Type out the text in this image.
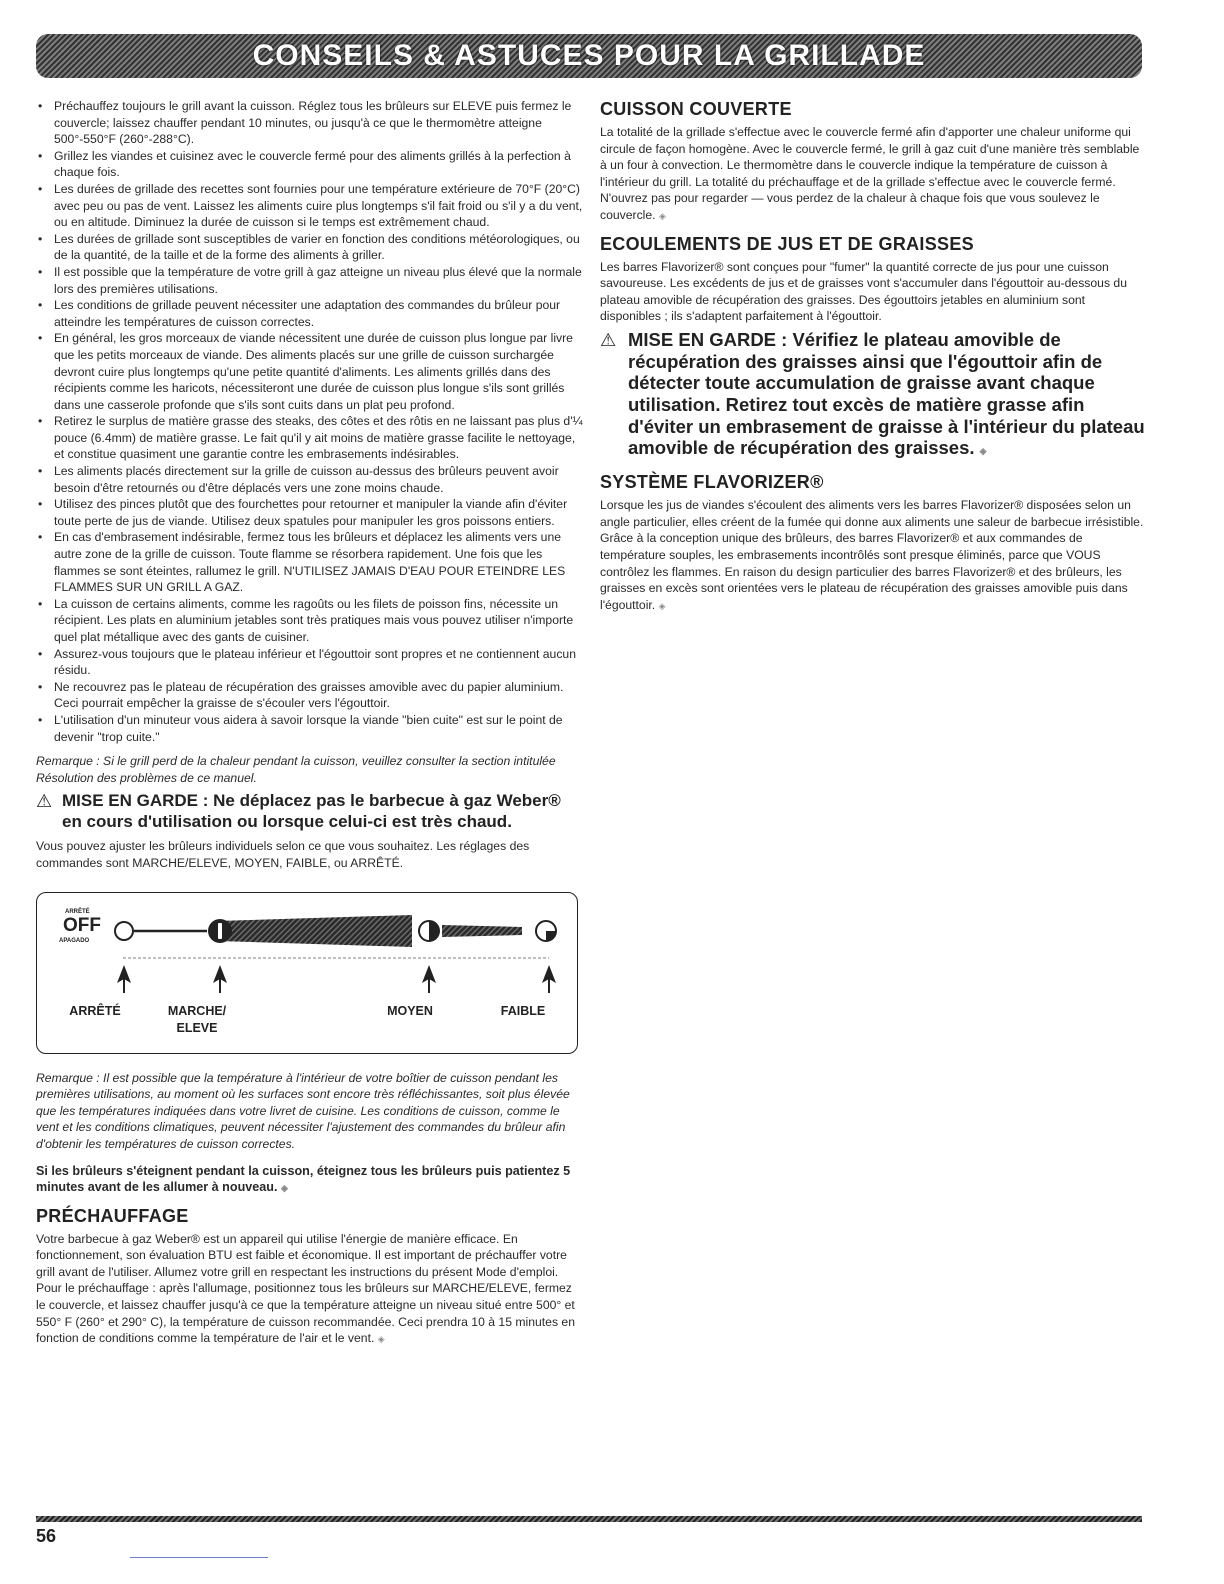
CONSEILS & ASTUCES POUR LA GRILLADE
• Préchauffez toujours le grill avant la cuisson. Réglez tous les brûleurs sur ELEVE puis fermez le couvercle; laissez chauffer pendant 10 minutes, ou jusqu'à ce que le thermomètre atteigne 500°-550°F (260°-288°C).
• Grillez les viandes et cuisinez avec le couvercle fermé pour des aliments grillés à la perfection à chaque fois.
• Les durées de grillade des recettes sont fournies pour une température extérieure de 70°F (20°C) avec peu ou pas de vent. Laissez les aliments cuire plus longtemps s'il fait froid ou s'il y a du vent, ou en altitude. Diminuez la durée de cuisson si le temps est extrêmement chaud.
• Les durées de grillade sont susceptibles de varier en fonction des conditions météorologiques, ou de la quantité, de la taille et de la forme des aliments à griller.
• Il est possible que la température de votre grill à gaz atteigne un niveau plus élevé que la normale lors des premières utilisations.
• Les conditions de grillade peuvent nécessiter une adaptation des commandes du brûleur pour atteindre les températures de cuisson correctes.
• En général, les gros morceaux de viande nécessitent une durée de cuisson plus longue par livre que les petits morceaux de viande. Des aliments placés sur une grille de cuisson surchargée devront cuire plus longtemps qu'une petite quantité d'aliments. Les aliments grillés dans des récipients comme les haricots, nécessiteront une durée de cuisson plus longue s'ils sont grillés dans une casserole profonde que s'ils sont cuits dans un plat peu profond.
• Retirez le surplus de matière grasse des steaks, des côtes et des rôtis en ne laissant pas plus d'¼ pouce (6.4mm) de matière grasse. Le fait qu'il y ait moins de matière grasse facilite le nettoyage, et constitue quasiment une garantie contre les embrasements indésirables.
• Les aliments placés directement sur la grille de cuisson au-dessus des brûleurs peuvent avoir besoin d'être retournés ou d'être déplacés vers une zone moins chaude.
• Utilisez des pinces plutôt que des fourchettes pour retourner et manipuler la viande afin d'éviter toute perte de jus de viande. Utilisez deux spatules pour manipuler les gros poissons entiers.
• En cas d'embrasement indésirable, fermez tous les brûleurs et déplacez les aliments vers une autre zone de la grille de cuisson. Toute flamme se résorbera rapidement. Une fois que les flammes se sont éteintes, rallumez le grill. N'UTILISEZ JAMAIS D'EAU POUR ETEINDRE LES FLAMMES SUR UN GRILL A GAZ.
• La cuisson de certains aliments, comme les ragoûts ou les filets de poisson fins, nécessite un récipient. Les plats en aluminium jetables sont très pratiques mais vous pouvez utiliser n'importe quel plat métallique avec des gants de cuisiner.
• Assurez-vous toujours que le plateau inférieur et l'égouttoir sont propres et ne contiennent aucun résidu.
• Ne recouvrez pas le plateau de récupération des graisses amovible avec du papier aluminium. Ceci pourrait empêcher la graisse de s'écouler vers l'égouttoir.
• L'utilisation d'un minuteur vous aidera à savoir lorsque la viande "bien cuite" est sur le point de devenir "trop cuite."

Remarque : Si le grill perd de la chaleur pendant la cuisson, veuillez consulter la section intitulée Résolution des problèmes de ce manuel.

⚠ MISE EN GARDE : Ne déplacez pas le barbecue à gaz Weber® en cours d'utilisation ou lorsque celui-ci est très chaud.

Vous pouvez ajuster les brûleurs individuels selon ce que vous souhaitez. Les réglages des commandes sont MARCHE/ELEVE, MOYEN, FAIBLE, ou ARRÊTÉ.

ARRÊTÉ
OFF
APAGADO
ARRÊTÉ	MARCHE/ ELEVE
MOYEN	FAIBLE

Remarque : Il est possible que la température à l'intérieur de votre boîtier de cuisson pendant les premières utilisations, au moment où les surfaces sont encore très réfléchissantes, soit plus élevée que les températures indiquées dans votre livret de cuisine. Les conditions de cuisson, comme le vent et les conditions climatiques, peuvent nécessiter l'ajustement des commandes du brûleur afin d'obtenir les températures de cuisson correctes.

Si les brûleurs s'éteignent pendant la cuisson, éteignez tous les brûleurs puis patientez 5 minutes avant de les allumer à nouveau. ◈

PRÉCHAUFFAGE

Votre barbecue à gaz Weber® est un appareil qui utilise l'énergie de manière efficace. En fonctionnement, son évaluation BTU est faible et économique. Il est important de préchauffer votre grill avant de l'utiliser. Allumez votre grill en respectant les instructions du présent Mode d'emploi. Pour le préchauffage : après l'allumage, positionnez tous les brûleurs sur MARCHE/ELEVE, fermez le couvercle, et laissez chauffer jusqu'à ce que la température atteigne un niveau situé entre 500° et 550° F (260° et 290° C), la température de cuisson recommandée. Ceci prendra 10 à 15 minutes en fonction de conditions comme la température de l'air et le vent. ◈

CUISSON COUVERTE

La totalité de la grillade s'effectue avec le couvercle fermé afin d'apporter une chaleur uniforme qui circule de façon homogène. Avec le couvercle fermé, le grill à gaz cuit d'une manière très semblable à un four à convection. Le thermomètre dans le couvercle indique la température de cuisson à l'intérieur du grill. La totalité du préchauffage et de la grillade s'effectue avec le couvercle fermé. N'ouvrez pas pour regarder — vous perdez de la chaleur à chaque fois que vous soulevez le couvercle. ◈

ECOULEMENTS DE JUS ET DE GRAISSES

Les barres Flavorizer® sont conçues pour "fumer" la quantité correcte de jus pour une cuisson savoureuse. Les excédents de jus et de graisses vont s'accumuler dans l'égouttoir au-dessous du plateau amovible de récupération des graisses. Des égouttoirs jetables en aluminium sont disponibles ; ils s'adaptent parfaitement à l'égouttoir.

⚠ MISE EN GARDE : Vérifiez le plateau amovible de récupération des graisses ainsi que l'égouttoir afin de détecter toute accumulation de graisse avant chaque utilisation. Retirez tout excès de matière grasse afin d'éviter un embrasement de graisse à l'intérieur du plateau amovible de récupération des graisses. ◈
SYSTÈME FLAVORIZER®

Lorsque les jus de viandes s'écoulent des aliments vers les barres Flavorizer® disposées selon un angle particulier, elles créent de la fumée qui donne aux aliments une saleur de barbecue irrésistible. Grâce à la conception unique des brûleurs, des barres Flavorizer® et aux commandes de température souples, les embrasements incontrôlés sont presque éliminés, parce que VOUS contrôlez les flammes. En raison du design particulier des barres Flavorizer® et des brûleurs, les graisses en excès sont orientées vers le plateau de récupération des graisses amovible puis dans l'égouttoir. ◈

56
